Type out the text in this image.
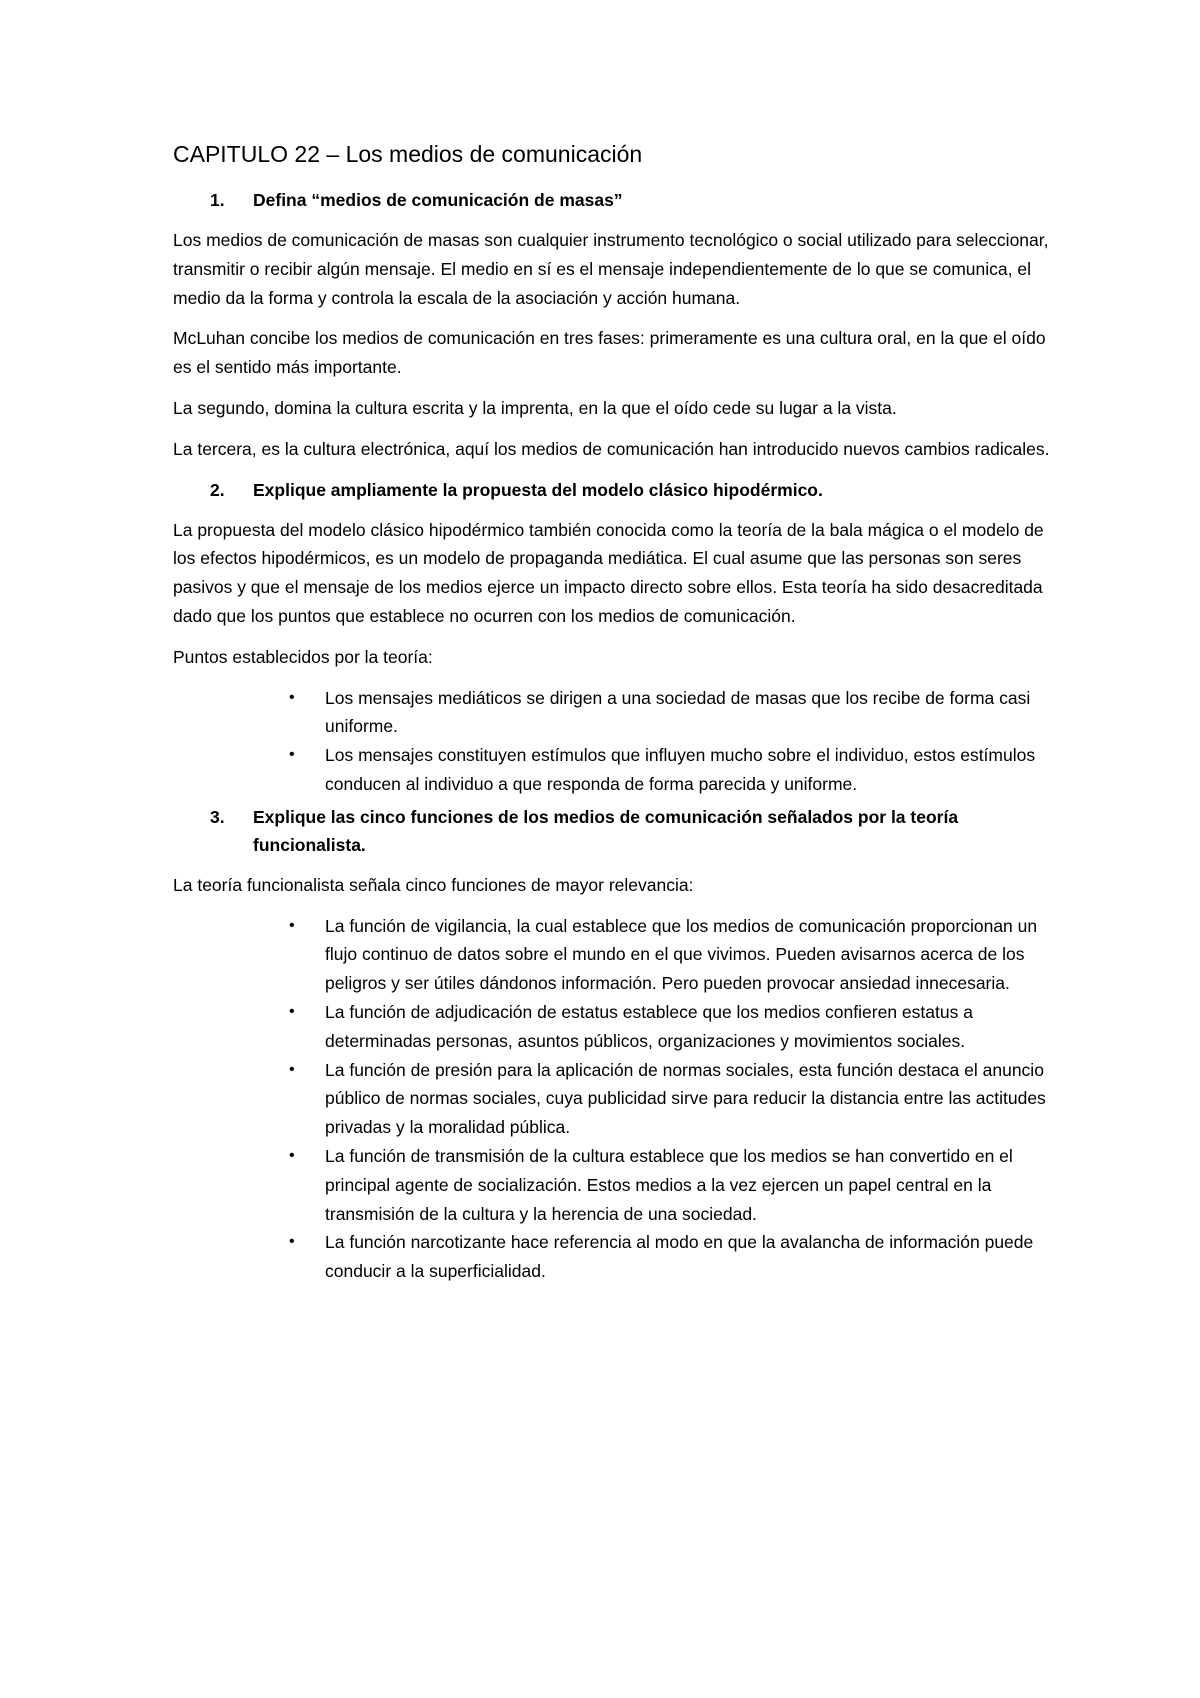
CAPITULO 22 – Los medios de comunicación
1.	Defina “medios de comunicación de masas”

Los medios de comunicación de masas son cualquier instrumento tecnológico o social utilizado para seleccionar, transmitir o recibir algún mensaje. El medio en sí es el mensaje independientemente de lo que se comunica, el medio da la forma y controla la escala de la asociación y acción humana.

McLuhan concibe los medios de comunicación en tres fases: primeramente es una cultura oral, en la que el oído es el sentido más importante.

La segundo, domina la cultura escrita y la imprenta, en la que el oído cede su lugar a la vista.

La tercera, es la cultura electrónica, aquí los medios de comunicación han introducido nuevos cambios radicales.

2.	Explique ampliamente la propuesta del modelo clásico hipodérmico.

La propuesta del modelo clásico hipodérmico también conocida como la teoría de la bala mágica o el modelo de los efectos hipodérmicos, es un modelo de propaganda mediática. El cual asume que las personas son seres pasivos y que el mensaje de los medios ejerce un impacto directo sobre ellos. Esta teoría ha sido desacreditada dado que los puntos que establece no ocurren con los medios de comunicación.

Puntos establecidos por la teoría:

• Los mensajes mediáticos se dirigen a una sociedad de masas que los recibe de forma casi uniforme.
• Los mensajes constituyen estímulos que influyen mucho sobre el individuo, estos estímulos conducen al individuo a que responda de forma parecida y uniforme.
3.	Explique las cinco funciones de los medios de comunicación señalados por la teoría funcionalista.

La teoría funcionalista señala cinco funciones de mayor relevancia:

• La función de vigilancia, la cual establece que los medios de comunicación proporcionan un flujo continuo de datos sobre el mundo en el que vivimos. Pueden avisarnos acerca de los peligros y ser útiles dándonos información. Pero pueden provocar ansiedad innecesaria.
• La función de adjudicación de estatus establece que los medios confieren estatus a determinadas personas, asuntos públicos, organizaciones y movimientos sociales.
• La función de presión para la aplicación de normas sociales, esta función destaca el anuncio público de normas sociales, cuya publicidad sirve para reducir la distancia entre las actitudes privadas y la moralidad pública.
• La función de transmisión de la cultura establece que los medios se han convertido en el principal agente de socialización. Estos medios a la vez ejercen un papel central en la transmisión de la cultura y la herencia de una sociedad.
• La función narcotizante hace referencia al modo en que la avalancha de información puede conducir a la superficialidad.
